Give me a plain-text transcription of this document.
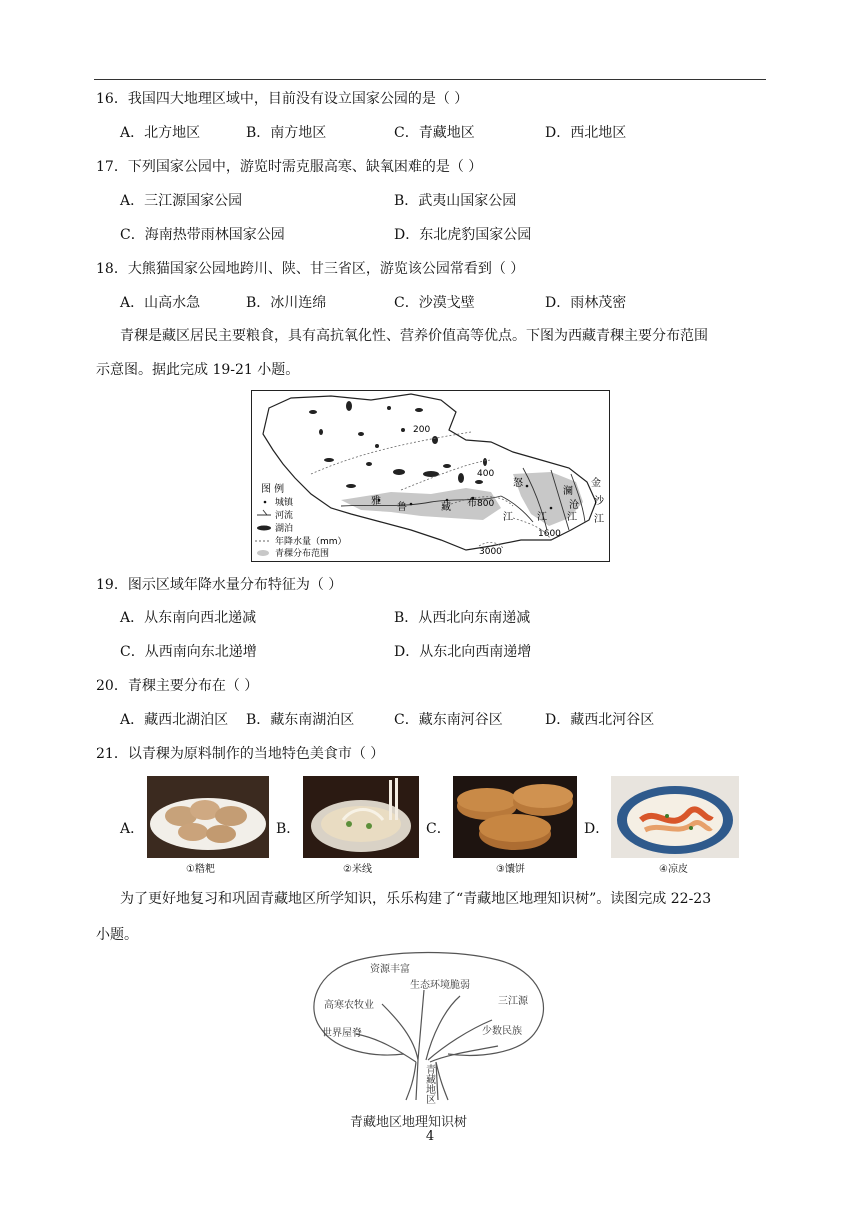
16．我国四大地理区域中，目前没有设立国家公园的是（ ）
A．北方地区	B．南方地区	C．青藏地区	D．西北地区
17．下列国家公园中，游览时需克服高寒、缺氧困难的是（ ）
A．三江源国家公园	B．武夷山国家公园
C．海南热带雨林国家公园	D．东北虎豹国家公园
18．大熊猫国家公园地跨川、陕、甘三省区，游览该公园常看到（ ）
A．山高水急	B．冰川连绵	C．沙漠戈壁	D．雨林茂密
青稞是藏区居民主要粮食，具有高抗氧化性、营养价值高等优点。下图为西藏青稞主要分布范围
示意图。据此完成 19-21 小题。
200
400
800
1600
3000
雅
鲁	藏 布
江
怒
江
澜
沧
江
金
沙
江
图 例
城镇
河流
湖泊
年降水量（mm）
青稞分布范围
19．图示区域年降水量分布特征为（ ）
A．从东南向西北递减	B．从西北向东南递减
C．从西南向东北递增	D．从东北向西南递增
20．青稞主要分布在（ ）
A．藏西北湖泊区 B．藏东南湖泊区	C．藏东南河谷区	D．藏西北河谷区
21．以青稞为原料制作的当地特色美食市（ ）
A．
①糌粑
B．
②米线
C．
③馕饼
D．
④凉皮
为了更好地复习和巩固青藏地区所学知识，乐乐构建了“青藏地区地理知识树”。读图完成 22-23
小题。
资源丰富
生态环境脆弱
高寒农牧业	三江源
世界屋脊	少数民族
青藏地区
青藏地区地理知识树
4
